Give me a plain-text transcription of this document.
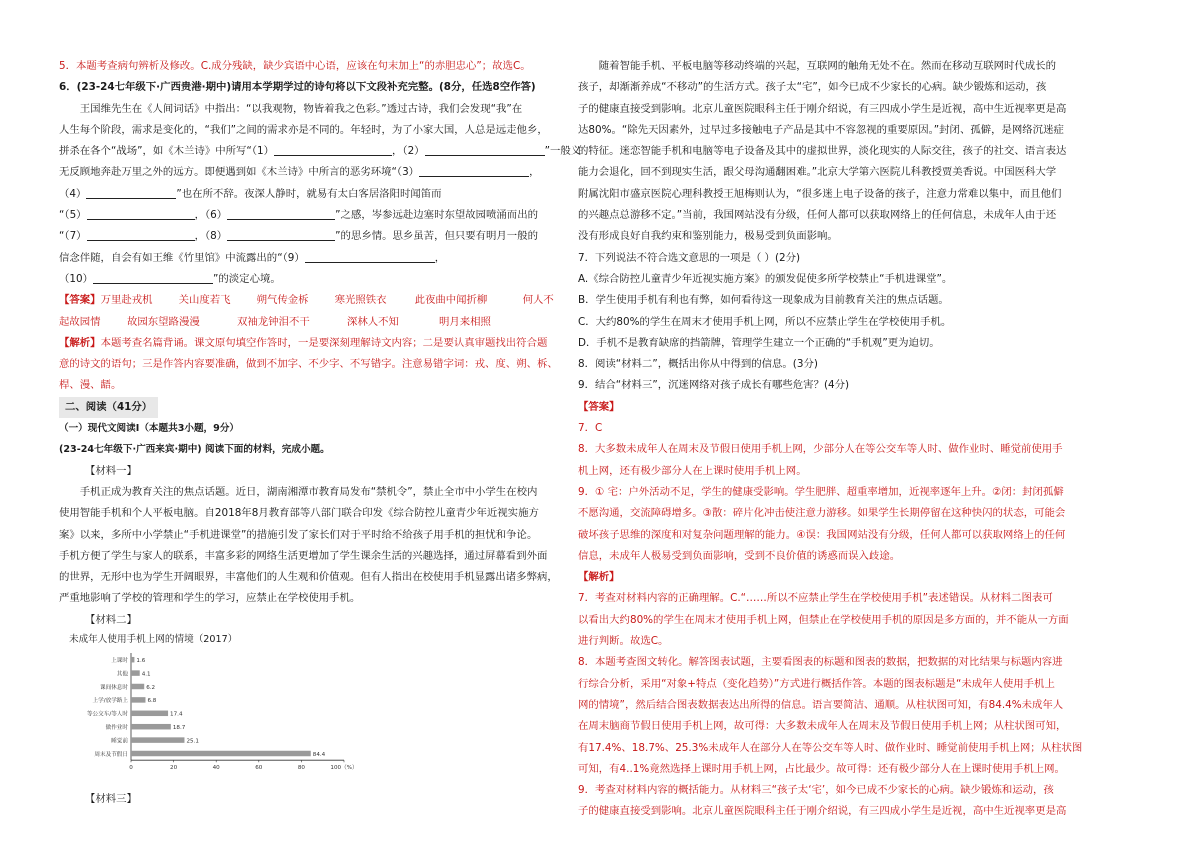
5．本题考查病句辨析及修改。C.成分残缺，缺少宾语中心语，应该在句末加上“的赤胆忠心”；故选C。
6．(23-24七年级下·广西贵港·期中)请用本学期学过的诗句将以下文段补充完整。(8分，任选8空作答)
王国维先生在《人间词话》中指出：“以我观物，物皆着我之色彩。”透过古诗，我们会发现“我”在
人生每个阶段，需求是变化的，“我们”之间的需求亦是不同的。年轻时，为了小家大国，人总是远走他乡，
拼杀在各个“战场”，如《木兰诗》中所写“（1）	，（2）	”一般义
无反顾地奔赴万里之外的远方。即便遇到如《木兰诗》中所言的恶劣环境“（3）	，
（4）	”也在所不辞。夜深人静时，就易有太白客居洛阳时闻笛而
“（5）	，（6）	”之感，岑参远赴边塞时东望故园喷涌而出的
“（7）	，（8）	”的思乡情。思乡虽苦，但只要有明月一般的
信念伴随，自会有如王维《竹里馆》中流露出的“（9）	，
（10）	”的淡定心境。
【答案】万里赴戎机	关山度若飞	朔气传金柝	寒光照铁衣	此夜曲中闻折柳	何人不
起故园情	故园东望路漫漫	双袖龙钟泪不干	深林人不知	明月来相照
【解析】本题考查名篇背诵。课文原句填空作答时，一是要深刻理解诗文内容；二是要认真审题找出符合题
意的诗文的语句；三是作答内容要准确，做到不加字、不少字、不写错字。注意易错字词：戎、度、朔、柝、
桿、漫、龉。
二、阅读（41分）
（一）现代文阅读Ⅰ（本题共3小题，9分）
(23-24七年级下·广西来宾·期中) 阅读下面的材料，完成小题。
【材料一】
手机正成为教育关注的焦点话题。近日，湖南湘潭市教育局发布“禁机令”，禁止全市中小学生在校内
使用智能手机和个人平板电脑。自2018年8月教育部等八部门联合印发《综合防控儿童青少年近视实施方
案》以来，多所中小学禁止“手机进课堂”的措施引发了家长们对于平时给不给孩子用手机的担忧和争论。
手机方便了学生与家人的联系，丰富多彩的网络生活更增加了学生课余生活的兴趣选择，通过屏幕看到外面
的世界，无形中也为学生开阔眼界，丰富他们的人生观和价值观。但有人指出在校使用手机显露出诸多弊病，
严重地影响了学校的管理和学生的学习，应禁止在学校使用手机。
【材料二】
未成年人使用手机上网的情境（2017）
上课时 1.6
其他 4.1
课间休息时	6.2
上学/放学路上	6.8
等公交车/等人时	17.4
做作业时	18.7
睡觉前	25.1
周末及节假日	84.4
0	20	40	60	80	100（%）
【材料三】
随着智能手机、平板电脑等移动终端的兴起，互联网的触角无处不在。然而在移动互联网时代成长的
孩子，却渐渐养成“不移动”的生活方式。孩子太“宅”，如今已成不少家长的心病。缺少锻炼和运动，孩
子的健康直接受到影响。北京儿童医院眼科主任于刚介绍说，有三四成小学生是近视，高中生近视率更是高
达80%。“除先天因素外，过早过多接触电子产品是其中不容忽视的重要原因。”封闭、孤僻，是网络沉迷症
的特征。迷恋智能手机和电脑等电子设备及其中的虚拟世界，淡化现实的人际交往，孩子的社交、语言表达
能力会退化，回不到现实生活，跟父母沟通翻困难。”北京大学第六医院儿科教授贾美香说。中国医科大学
附属沈阳市盛京医院心理科教授王旭梅则认为，“很多迷上电子设备的孩子，注意力常难以集中，而且他们
的兴趣点总游移不定。”当前，我国网站没有分级，任何人都可以获取网络上的任何信息，未成年人由于还
没有形成良好自我约束和鉴别能力，极易受到负面影响。
7．下列说法不符合选文意思的一项是（ ）(2分)
A.《综合防控儿童青少年近视实施方案》的颁发促使多所学校禁止“手机进课堂”。
B．学生使用手机有利也有弊，如何看待这一现象成为目前教育关注的焦点话题。
C．大约80%的学生在周末才使用手机上网，所以不应禁止学生在学校使用手机。
D．手机不是教育缺席的挡箭牌，管理学生建立一个正确的“手机观”更为迫切。
8．阅读“材料二”，概括出你从中得到的信息。(3分)
9．结合“材料三”，沉迷网络对孩子成长有哪些危害？(4分)
【答案】
7．C
8．大多数未成年人在周末及节假日使用手机上网，少部分人在等公交车等人时、做作业时、睡觉前使用手
机上网，还有极少部分人在上课时使用手机上网。
9．① 宅：户外活动不足，学生的健康受影响。学生肥胖、超重率增加，近视率逐年上升。②闭：封闭孤僻
不愿沟通，交流障碍增多。③散：碎片化冲击使注意力游移。如果学生长期停留在这种快闪的状态，可能会
破坏孩子思维的深度和对复杂问题理解的能力。④误：我国网站没有分级，任何人都可以获取网络上的任何
信息，未成年人极易受到负面影响，受到不良价值的诱惑而误入歧途。
【解析】
7．考查对材料内容的正确理解。C.“……所以不应禁止学生在学校使用手机”表述错误。从材料二图表可
以看出大约80%的学生在周末才使用手机上网，但禁止在学校使用手机的原因是多方面的，并不能从一方面
进行判断。故选C。
8．本题考查图文转化。解答图表试题，主要看图表的标题和图表的数据，把数据的对比结果与标题内容进
行综合分析，采用“对象+特点（变化趋势）”方式进行概括作答。本题的图表标题是“未成年人使用手机上
网的情境”，然后结合图表数据表达出所得的信息。语言要简洁、通顺。从柱状图可知，有84.4%未成年人
在周末脑商节假日使用手机上网，故可得：大多数未成年人在周末及节假日使用手机上网；从柱状图可知，
有17.4%、18.7%、25.3%未成年人在部分人在等公交车等人时、做作业时、睡觉前使用手机上网；从柱状图
可知，有4..1%竟然选择上课时用手机上网，占比最少。故可得：还有极少部分人在上课时使用手机上网。
9．考查对材料内容的概括能力。从材料三“孩子太‘宅’，如今已成不少家长的心病。缺少锻炼和运动，孩
子的健康直接受到影响。北京儿童医院眼科主任于刚介绍说，有三四成小学生是近视，高中生近视率更是高
